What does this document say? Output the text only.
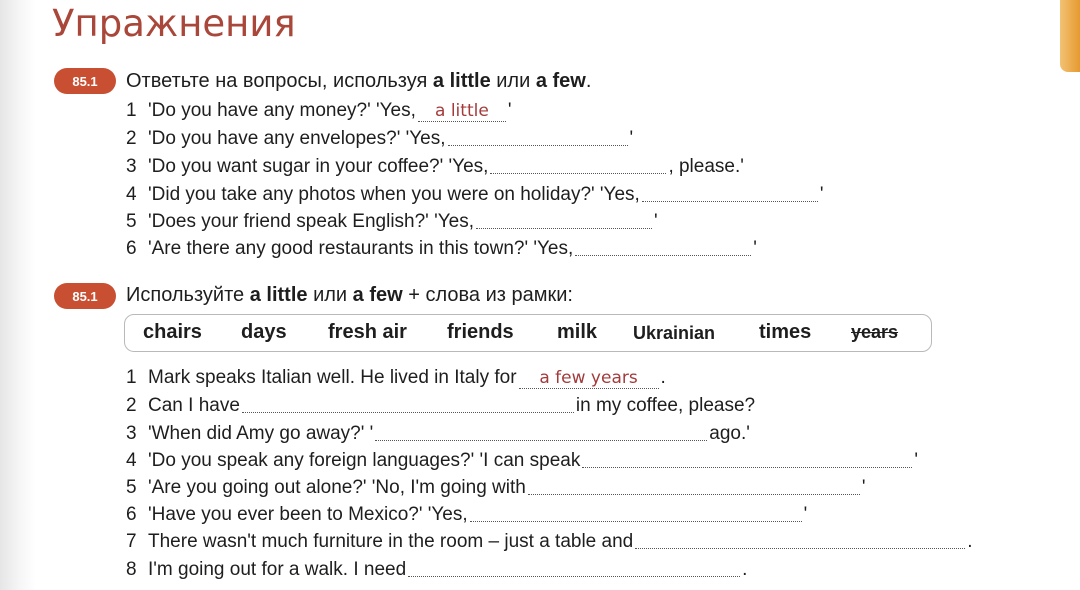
Упражнения
85.1	Ответьте на вопросы, используя a little или a few.
1 'Do you have any money?' 'Yes,	a little	'
2 'Do you have any envelopes?' 'Yes,	'
3 'Do you want sugar in your coffee?' 'Yes,	, please.'
4 'Did you take any photos when you were on holiday?' 'Yes,	'
5 'Does your friend speak English?' 'Yes,	'
6 'Are there any good restaurants in this town?' 'Yes,	'
85.1	Используйте a little или a few + слова из рамки:
chairs days fresh air friends milk Ukrainian times years
1 Mark speaks Italian well. He lived in Italy for	a few years	.
2 Can I have	in my coffee, please?
3 'When did Amy go away?' '	ago.'
4 'Do you speak any foreign languages?' 'I can speak	'
5 'Are you going out alone?' 'No, I'm going with	'
6 'Have you ever been to Mexico?' 'Yes,	'
7 There wasn't much furniture in the room – just a table and	.
8 I'm going out for a walk. I need	.
